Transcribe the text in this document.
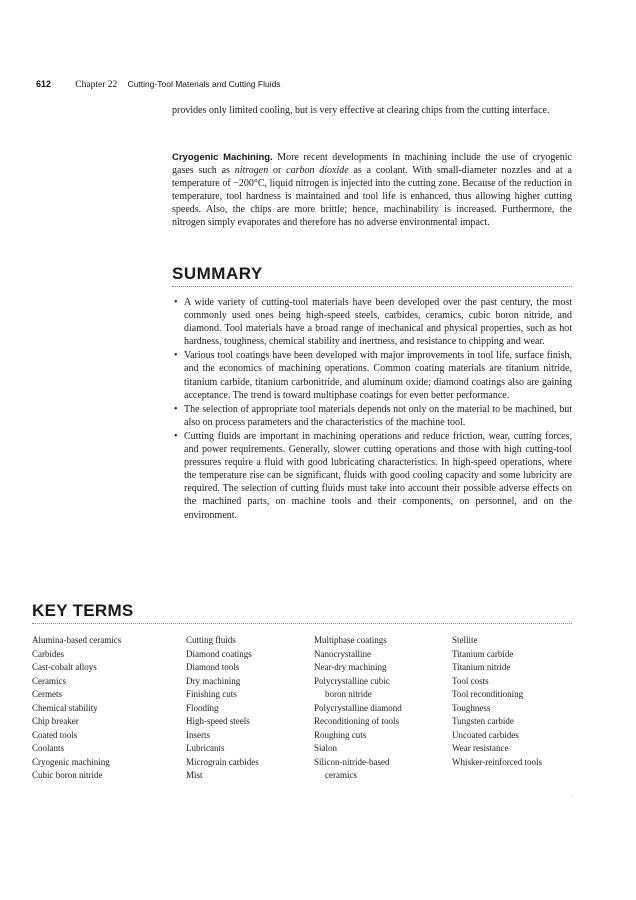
612	Chapter 22 Cutting-Tool Materials and Cutting Fluids

provides only limited cooling, but is very effective at clearing chips from the cutting interface.

Cryogenic Machining. More recent developments in machining include the use of cryogenic gases such as nitrogen or carbon dioxide as a coolant. With small-diameter nozzles and at a temperature of −200°C, liquid nitrogen is injected into the cutting zone. Because of the reduction in temperature, tool hardness is maintained and tool life is enhanced, thus allowing higher cutting speeds. Also, the chips are more brittle; hence, machinability is increased. Furthermore, the nitrogen simply evaporates and therefore has no adverse environmental impact.

SUMMARY
• A wide variety of cutting-tool materials have been developed over the past century, the most commonly used ones being high-speed steels, carbides, ceramics, cubic boron nitride, and diamond. Tool materials have a broad range of mechanical and physical properties, such as hot hardness, toughness, chemical stability and inertness, and resistance to chipping and wear.
• Various tool coatings have been developed with major improvements in tool life, surface finish, and the economics of machining operations. Common coating materials are titanium nitride, titanium carbide, titanium carbonitride, and aluminum oxide; diamond coatings also are gaining acceptance. The trend is toward multiphase coatings for even better performance.
• The selection of appropriate tool materials depends not only on the material to be machined, but also on process parameters and the characteristics of the machine tool.
• Cutting fluids are important in machining operations and reduce friction, wear, cutting forces, and power requirements. Generally, slower cutting operations and those with high cutting-tool pressures require a fluid with good lubricating characteristics. In high-speed operations, where the temperature rise can be significant, fluids with good cooling capacity and some lubricity are required. The selection of cutting fluids must take into account their possible adverse effects on the machined parts, on machine tools and their components, on personnel, and on the environment.
KEY TERMS
Alumina-based ceramics
Carbides
Cast-cobalt alloys
Ceramics
Cermets
Chemical stability
Chip breaker
Coated tools
Coolants
Cryogenic machining
Cubic boron nitride
Cutting fluids
Diamond coatings
Diamond tools
Dry machining
Finishing cuts
Flooding
High-speed steels
Inserts
Lubricants
Micrograin carbides
Mist
Multiphase coatings
Nanocrystalline
Near-dry machining
Polycrystalline cubic
boron nitride
Polycrystalline diamond
Reconditioning of tools
Roughing cuts
Sialon
Silicon-nitride-based
ceramics
Stellite
Titanium carbide
Titanium nitride
Tool costs
Tool reconditioning
Toughness
Tungsten carbide
Uncoated carbides
Wear resistance
Whisker-reinforced tools
·
